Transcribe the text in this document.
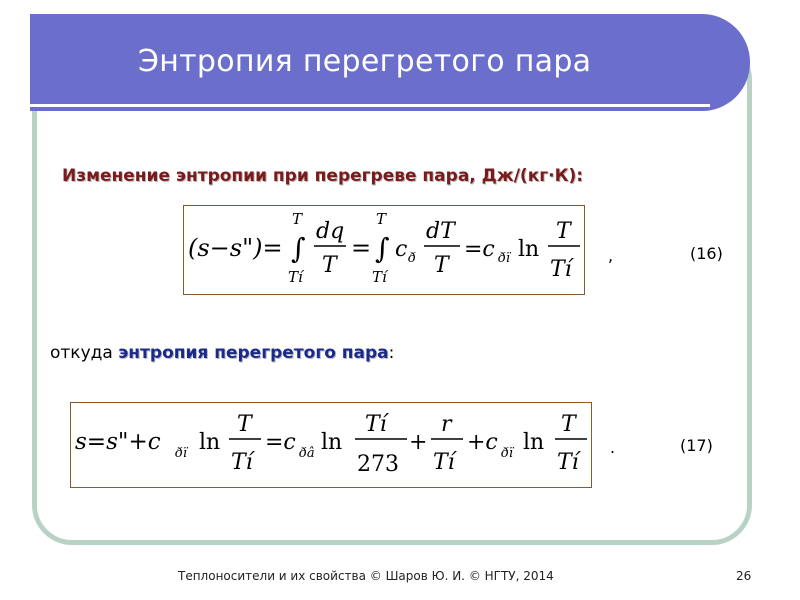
Энтропия перегретого пара
Изменение энтропии при перегреве пара, Дж/(кг·К):
(s−s")=
T
∫
Tí
dq
T
=
T
∫
Tí
c ð
dT
T
=c ðï ln
T
Tí
,	(16)
откуда энтропия перегретого пара:
s=s"+c ðï ln
T
Tí
=c ðâ ln
Tí
273
+
r
Tí
+c ðï ln
T
Tí
.	(17)
Теплоносители и их свойства © Шаров Ю. И. © НГТУ, 2014	26
